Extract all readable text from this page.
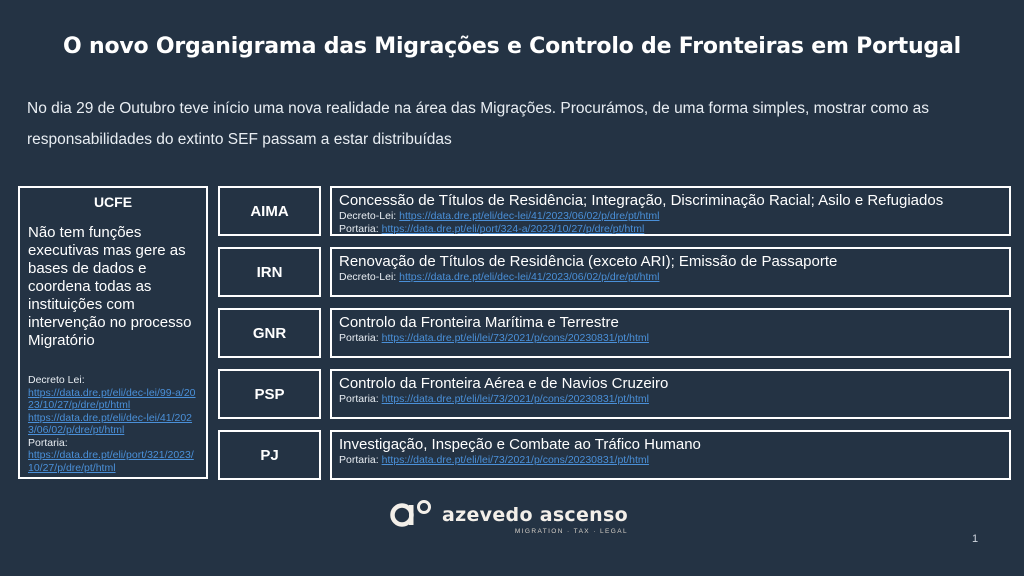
O novo Organigrama das Migrações e Controlo de Fronteiras em Portugal
No dia 29 de Outubro teve início uma nova realidade na área das Migrações. Procurámos, de uma forma simples, mostrar como as responsabilidades do extinto SEF passam a estar distribuídas
UCFE
Não tem funções executivas mas gere as bases de dados e coordena todas as instituições com intervenção no processo Migratório
Decreto Lei:
https://data.dre.pt/eli/dec-lei/99-a/2023/10/27/p/dre/pt/html
https://data.dre.pt/eli/dec-lei/41/2023/06/02/p/dre/pt/html
Portaria:
https://data.dre.pt/eli/port/321/2023/10/27/p/dre/pt/html
AIMA
Concessão de Títulos de Residência; Integração, Discriminação Racial; Asilo e Refugiados
Decreto-Lei: https://data.dre.pt/eli/dec-lei/41/2023/06/02/p/dre/pt/html
Portaria: https://data.dre.pt/eli/port/324-a/2023/10/27/p/dre/pt/html
IRN
Renovação de Títulos de Residência (exceto ARI); Emissão de Passaporte
Decreto-Lei: https://data.dre.pt/eli/dec-lei/41/2023/06/02/p/dre/pt/html
GNR
Controlo da Fronteira Marítima e Terrestre
Portaria: https://data.dre.pt/eli/lei/73/2021/p/cons/20230831/pt/html
PSP
Controlo da Fronteira Aérea e de Navios Cruzeiro
Portaria: https://data.dre.pt/eli/lei/73/2021/p/cons/20230831/pt/html
PJ
Investigação, Inspeção e Combate ao Tráfico Humano
Portaria: https://data.dre.pt/eli/lei/73/2021/p/cons/20230831/pt/html
azevedo ascenso
MIGRATION · TAX · LEGAL
1
